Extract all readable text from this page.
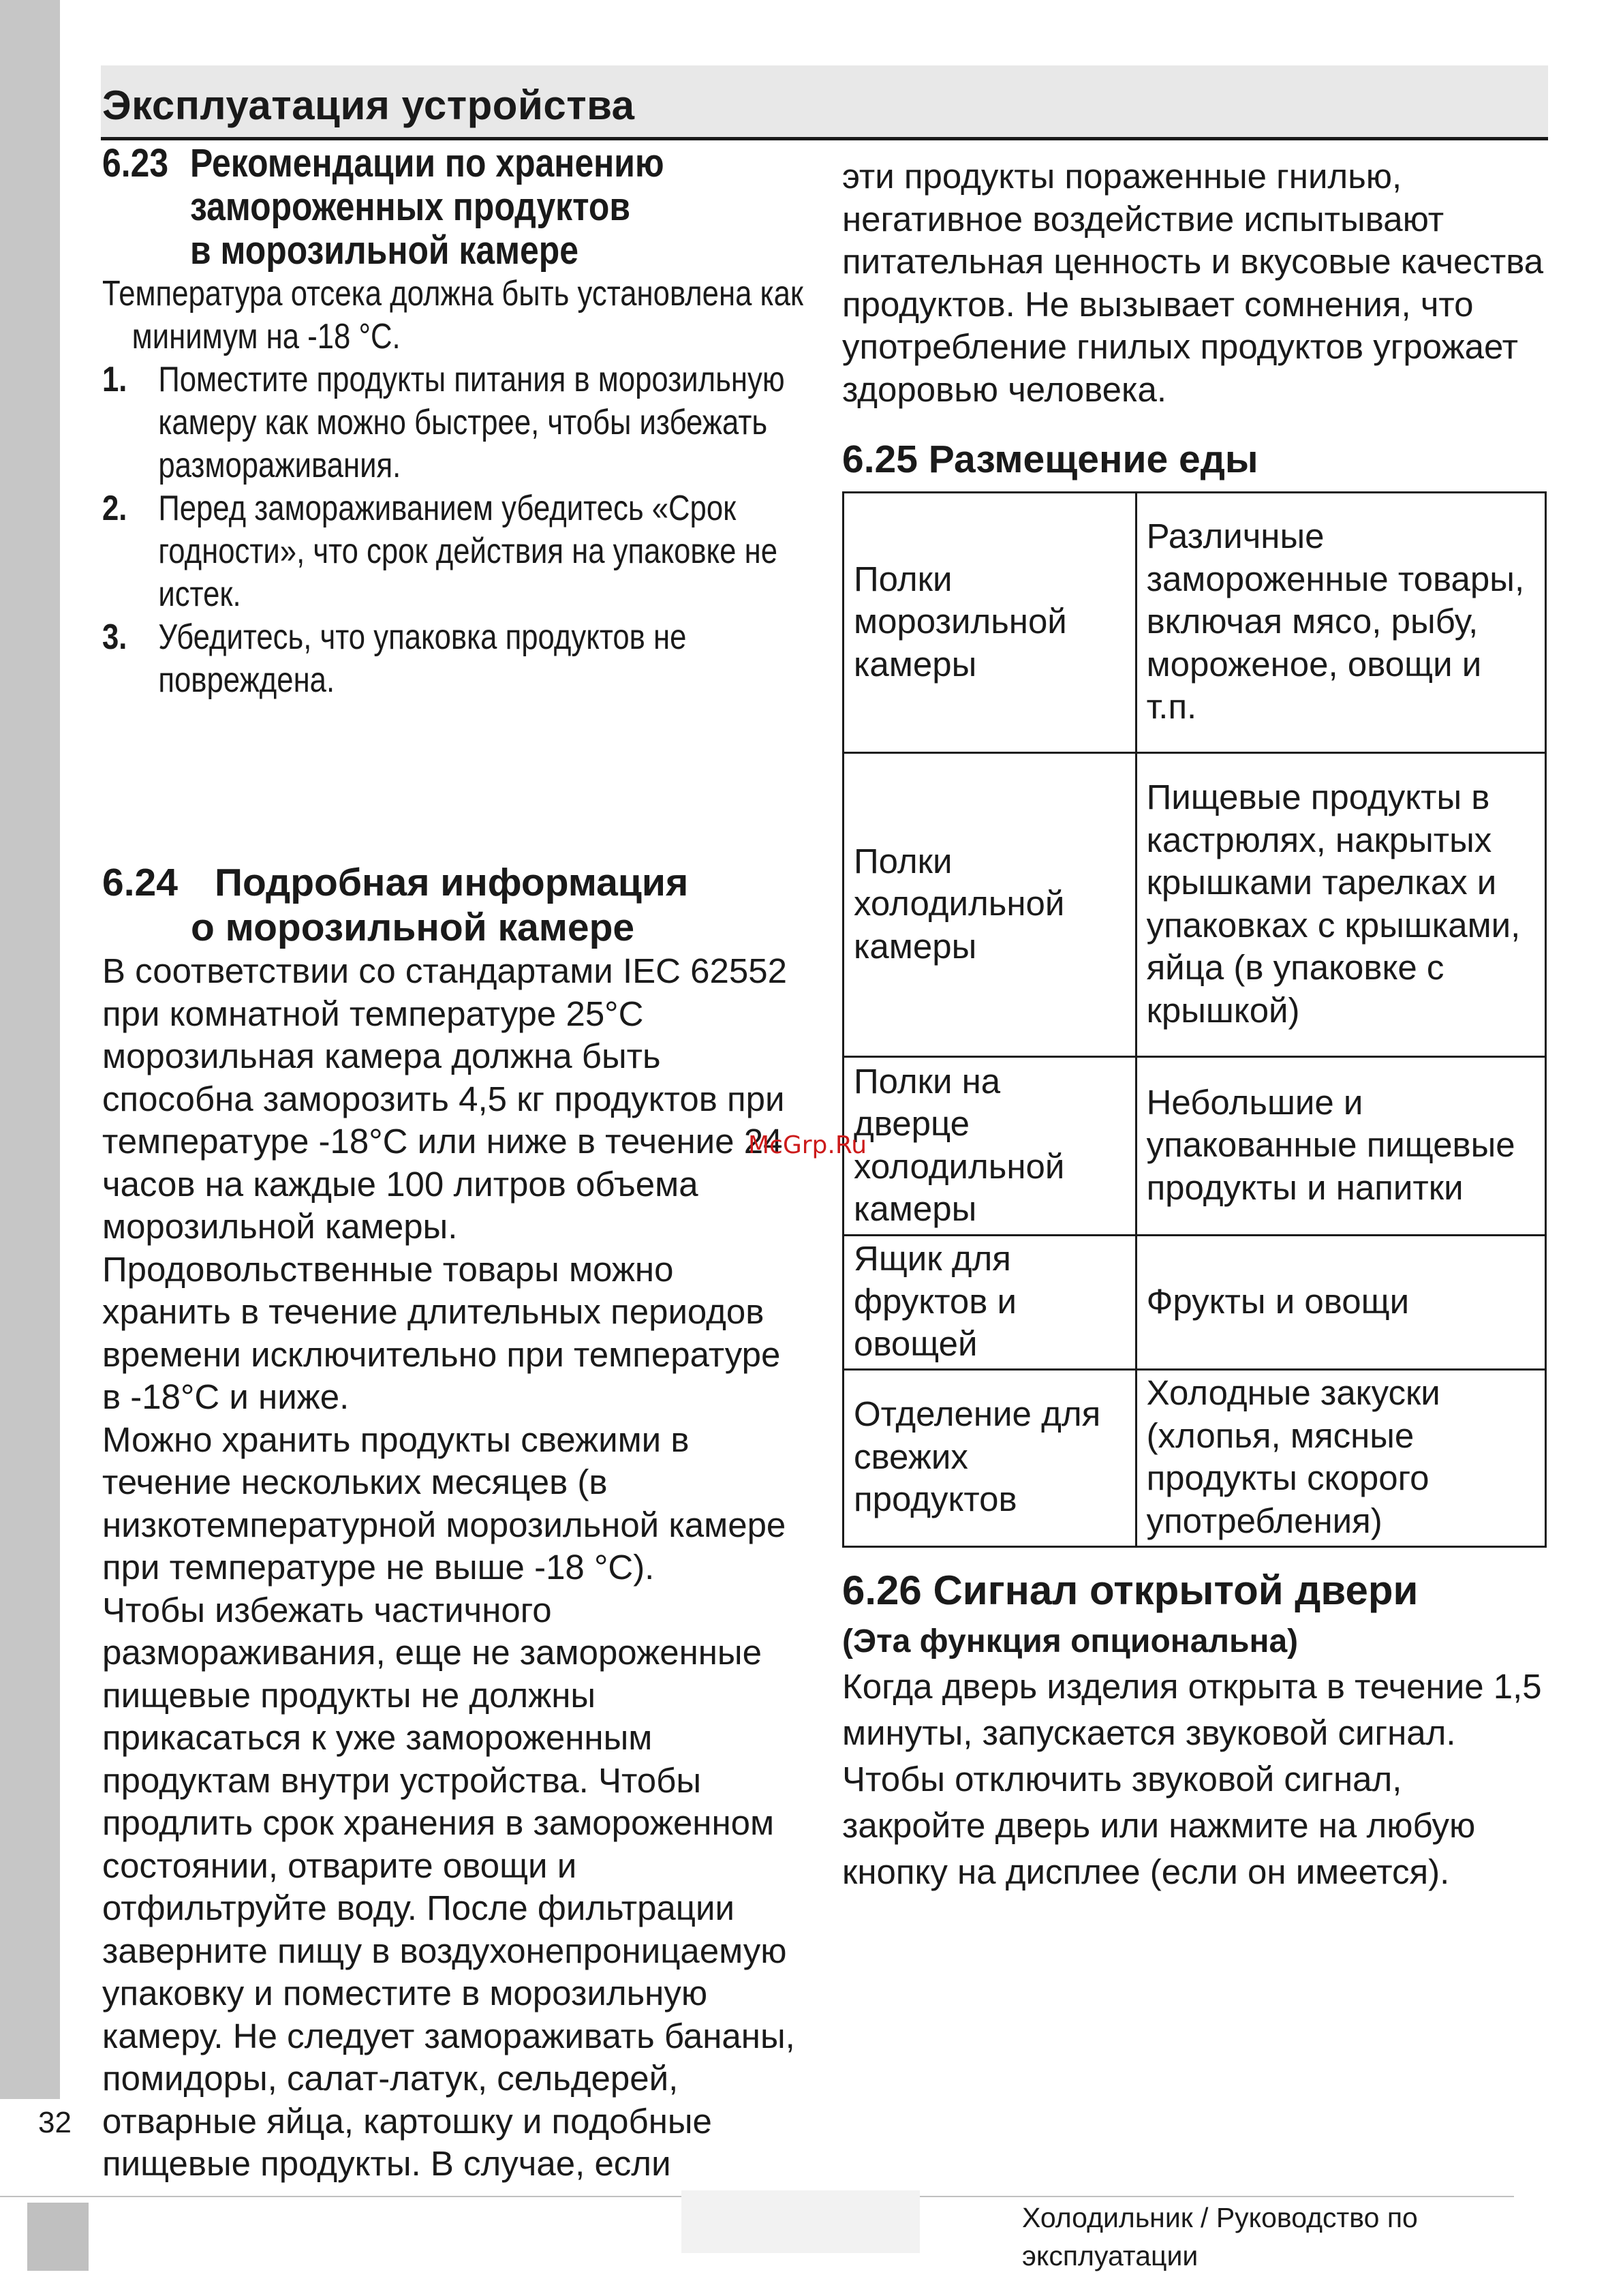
32
Эксплуатация устройства
6.23 Рекомендации по хранению
замороженных продуктов
в морозильной камере
Температура отсека должна быть установлена как минимум на -18 °С.
1. Поместите продукты питания в морозильную камеру как можно быстрее, чтобы избежать размораживания.
2. Перед замораживанием убедитесь «Срок годности», что срок действия на упаковке не истек.
3. Убедитесь, что упаковка продуктов не повреждена.
6.24 Подробная информация
о морозильной камере

В соответствии со стандартами IEC 62552 при комнатной температуре 25°С морозильная камера должна быть способна заморозить 4,5 кг продуктов при температуре -18°С или ниже в течение 24 часов на каждые 100 литров объема морозильной камеры.

Продовольственные товары можно хранить в течение длительных периодов времени исключительно при температуре в -18°С и ниже.

Можно хранить продукты свежими в течение нескольких месяцев (в низкотемпературной морозильной камере при температуре не выше -18 °С).

Чтобы избежать частичного размораживания, еще не замороженные пищевые продукты не должны прикасаться к уже замороженным продуктам внутри устройства. Чтобы продлить срок хранения в замороженном состоянии, отварите овощи и отфильтруйте воду. После фильтрации заверните пищу в воздухонепроницаемую упаковку и поместите в морозильную камеру. Не следует замораживать бананы, помидоры, салат-латук, сельдерей, отварные яйца, картошку и подобные пищевые продукты. В случае, если

эти продукты пораженные гнилью, негативное воздействие испытывают питательная ценность и вкусовые качества продуктов. Не вызывает сомнения, что употребление гнилых продуктов угрожает здоровью человека.

6.25 Размещение еды
Полки морозильной камеры	Различные замороженные товары, включая мясо, рыбу, мороженое, овощи и т.п.
Полки холодильной камеры	Пищевые продукты в кастрюлях, накрытых крышками тарелках и упаковках с крышками, яйца (в упаковке с крышкой)
Полки на дверце холодильной камеры	Небольшие и упакованные пищевые продукты и напитки
Ящик для фруктов и овощей	Фрукты и овощи
Отделение для свежих продуктов	Холодные закуски (хлопья, мясные продукты скорого употребления)
6.26 Сигнал открытой двери
(Эта функция опциональна)

Когда дверь изделия открыта в течение 1,5 минуты, запускается звуковой сигнал. Чтобы отключить звуковой сигнал, закройте дверь или нажмите на любую кнопку на дисплее (если он имеется).

McGrp.Ru
Холодильник / Руководство по эксплуатации
